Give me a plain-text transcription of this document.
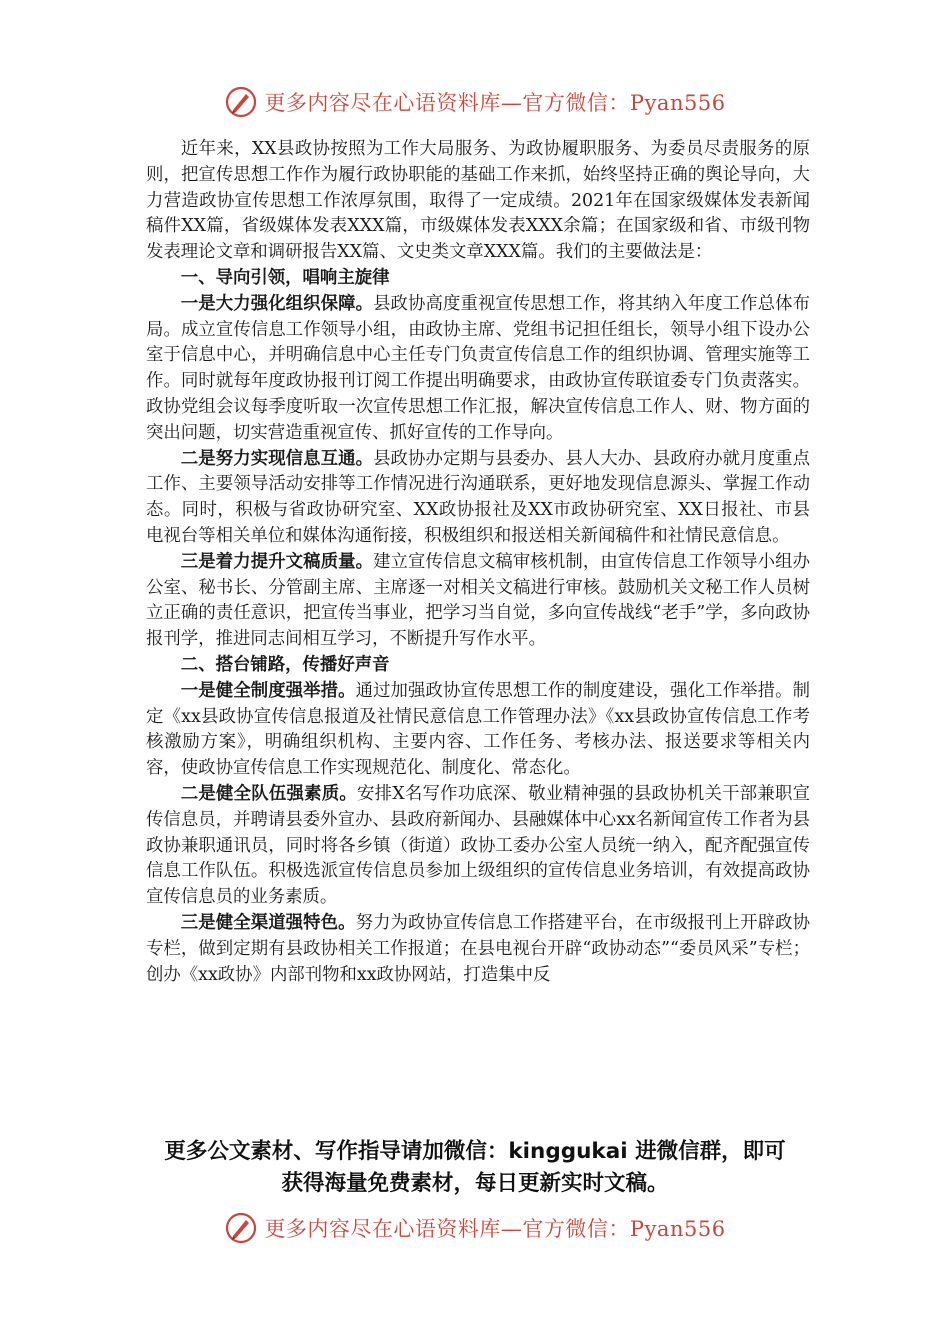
更多内容尽在心语资料库—官方微信：Pyan556

近年来，XX县政协按照为工作大局服务、为政协履职服务、为委员尽责服务的原则，把宣传思想工作作为履行政协职能的基础工作来抓，始终坚持正确的舆论导向，大力营造政协宣传思想工作浓厚氛围，取得了一定成绩。2021年在国家级媒体发表新闻稿件XX篇，省级媒体发表XXX篇，市级媒体发表XXX余篇；在国家级和省、市级刊物发表理论文章和调研报告XX篇、文史类文章XXX篇。我们的主要做法是：

一、导向引领，唱响主旋律

一是大力强化组织保障。县政协高度重视宣传思想工作，将其纳入年度工作总体布局。成立宣传信息工作领导小组，由政协主席、党组书记担任组长，领导小组下设办公室于信息中心，并明确信息中心主任专门负责宣传信息工作的组织协调、管理实施等工作。同时就每年度政协报刊订阅工作提出明确要求，由政协宣传联谊委专门负责落实。政协党组会议每季度听取一次宣传思想工作汇报，解决宣传信息工作人、财、物方面的突出问题，切实营造重视宣传、抓好宣传的工作导向。

二是努力实现信息互通。县政协办定期与县委办、县人大办、县政府办就月度重点工作、主要领导活动安排等工作情况进行沟通联系，更好地发现信息源头、掌握工作动态。同时，积极与省政协研究室、XX政协报社及XX市政协研究室、XX日报社、市县电视台等相关单位和媒体沟通衔接，积极组织和报送相关新闻稿件和社情民意信息。

三是着力提升文稿质量。建立宣传信息文稿审核机制，由宣传信息工作领导小组办公室、秘书长、分管副主席、主席逐一对相关文稿进行审核。鼓励机关文秘工作人员树立正确的责任意识，把宣传当事业，把学习当自觉，多向宣传战线“老手”学，多向政协报刊学，推进同志间相互学习，不断提升写作水平。

二、搭台铺路，传播好声音

一是健全制度强举措。通过加强政协宣传思想工作的制度建设，强化工作举措。制定《xx县政协宣传信息报道及社情民意信息工作管理办法》《xx县政协宣传信息工作考核激励方案》，明确组织机构、主要内容、工作任务、考核办法、报送要求等相关内容，使政协宣传信息工作实现规范化、制度化、常态化。

二是健全队伍强素质。安排X名写作功底深、敬业精神强的县政协机关干部兼职宣传信息员，并聘请县委外宣办、县政府新闻办、县融媒体中心xx名新闻宣传工作者为县政协兼职通讯员，同时将各乡镇（街道）政协工委办公室人员统一纳入，配齐配强宣传信息工作队伍。积极选派宣传信息员参加上级组织的宣传信息业务培训，有效提高政协宣传信息员的业务素质。

三是健全渠道强特色。努力为政协宣传信息工作搭建平台，在市级报刊上开辟政协专栏，做到定期有县政协相关工作报道；在县电视台开辟“政协动态”“委员风采”专栏；创办《xx政协》内部刊物和xx政协网站，打造集中反

更多公文素材、写作指导请加微信：kinggukai 进微信群，即可
获得海量免费素材，每日更新实时文稿。
更多内容尽在心语资料库—官方微信：Pyan556
